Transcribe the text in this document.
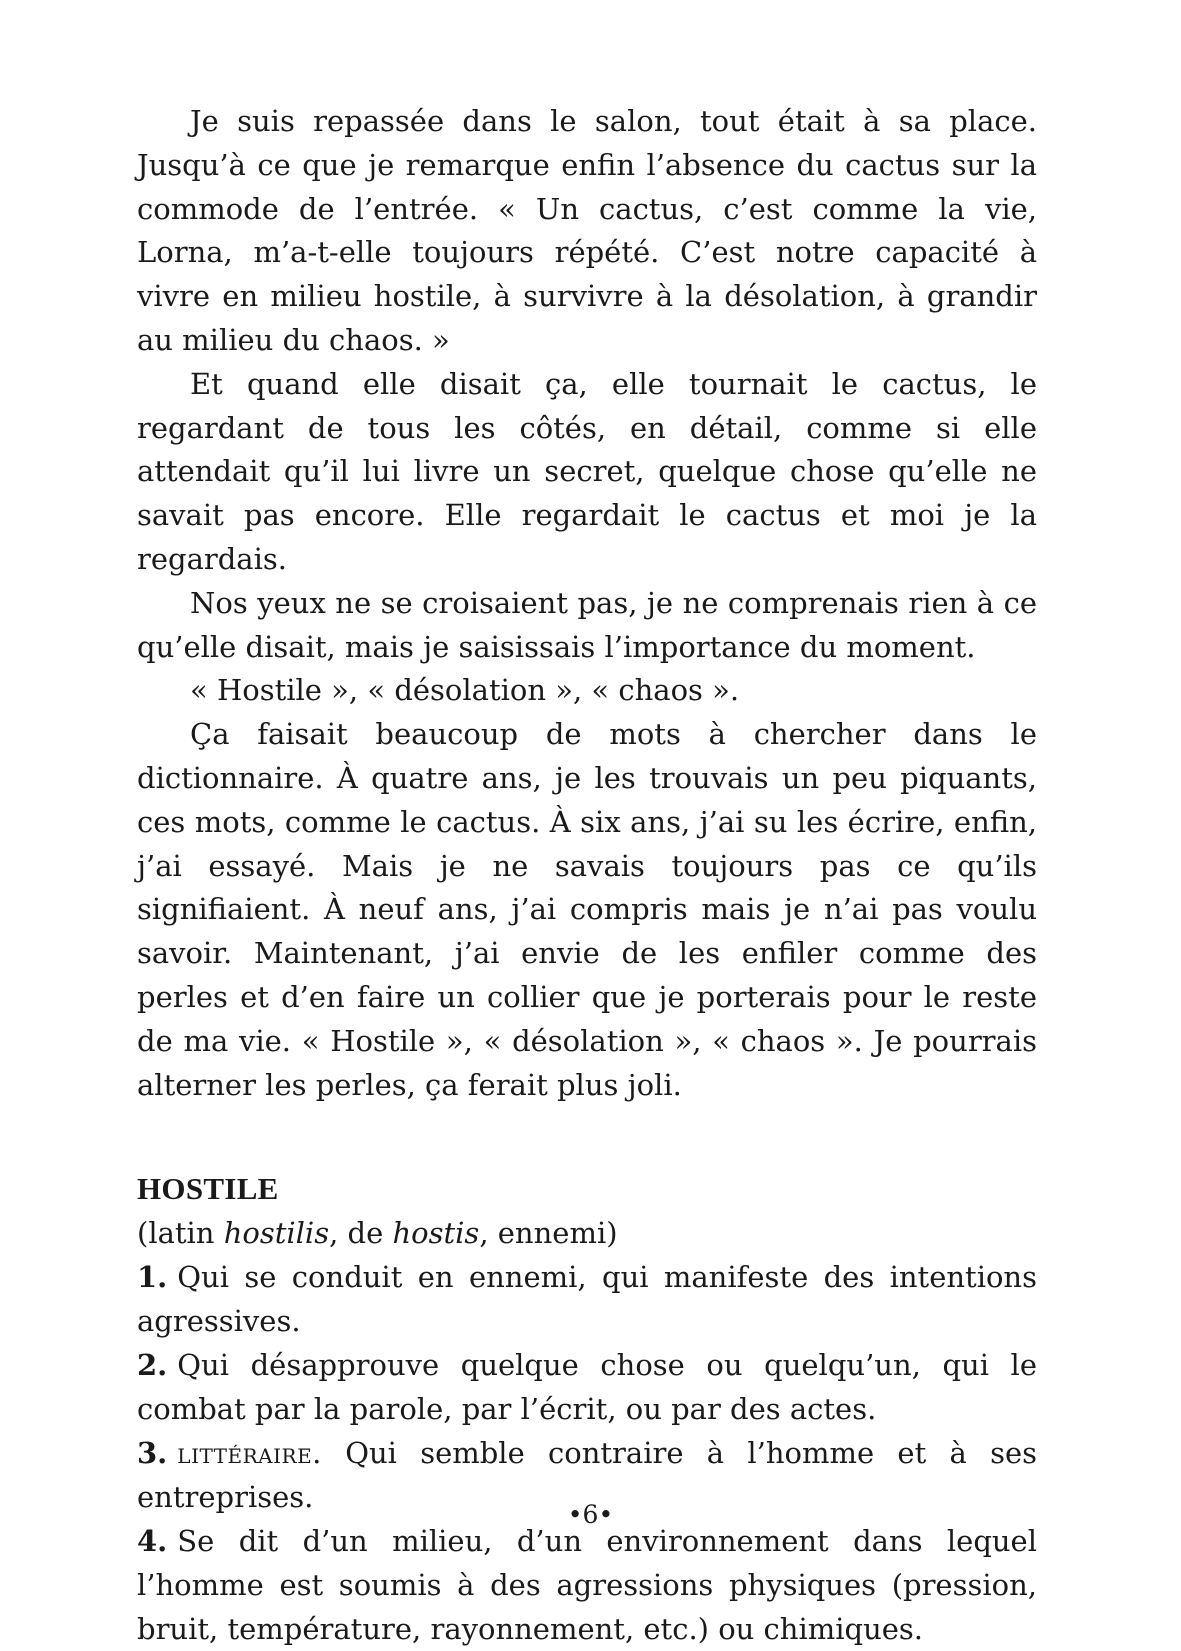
Je suis repassée dans le salon, tout était à sa place. Jusqu’à ce que je remarque enfin l’absence du cactus sur la commode de l’entrée. « Un cactus, c’est comme la vie, Lorna, m’a-t-elle toujours répété. C’est notre capacité à vivre en milieu hostile, à survivre à la désolation, à grandir au milieu du chaos. »

Et quand elle disait ça, elle tournait le cactus, le regardant de tous les côtés, en détail, comme si elle attendait qu’il lui livre un secret, quelque chose qu’elle ne savait pas encore. Elle regardait le cactus et moi je la regardais.

Nos yeux ne se croisaient pas, je ne comprenais rien à ce qu’elle disait, mais je saisissais l’importance du moment.

« Hostile », « désolation », « chaos ».

Ça faisait beaucoup de mots à chercher dans le dictionnaire. À quatre ans, je les trouvais un peu piquants, ces mots, comme le cactus. À six ans, j’ai su les écrire, enfin, j’ai essayé. Mais je ne savais toujours pas ce qu’ils signifiaient. À neuf ans, j’ai compris mais je n’ai pas voulu savoir. Maintenant, j’ai envie de les enfiler comme des perles et d’en faire un collier que je porterais pour le reste de ma vie. « Hostile », « désolation », « chaos ». Je pourrais alterner les perles, ça ferait plus joli.

HOSTILE

(latin hostilis, de hostis, ennemi)

1. Qui se conduit en ennemi, qui manifeste des intentions agressives.

2. Qui désapprouve quelque chose ou quelqu’un, qui le combat par la parole, par l’écrit, ou par des actes.

3. littéraire. Qui semble contraire à l’homme et à ses entreprises.

4. Se dit d’un milieu, d’un environnement dans lequel l’homme est soumis à des agressions physiques (pression, bruit, température, rayonnement, etc.) ou chimiques.

•6•
